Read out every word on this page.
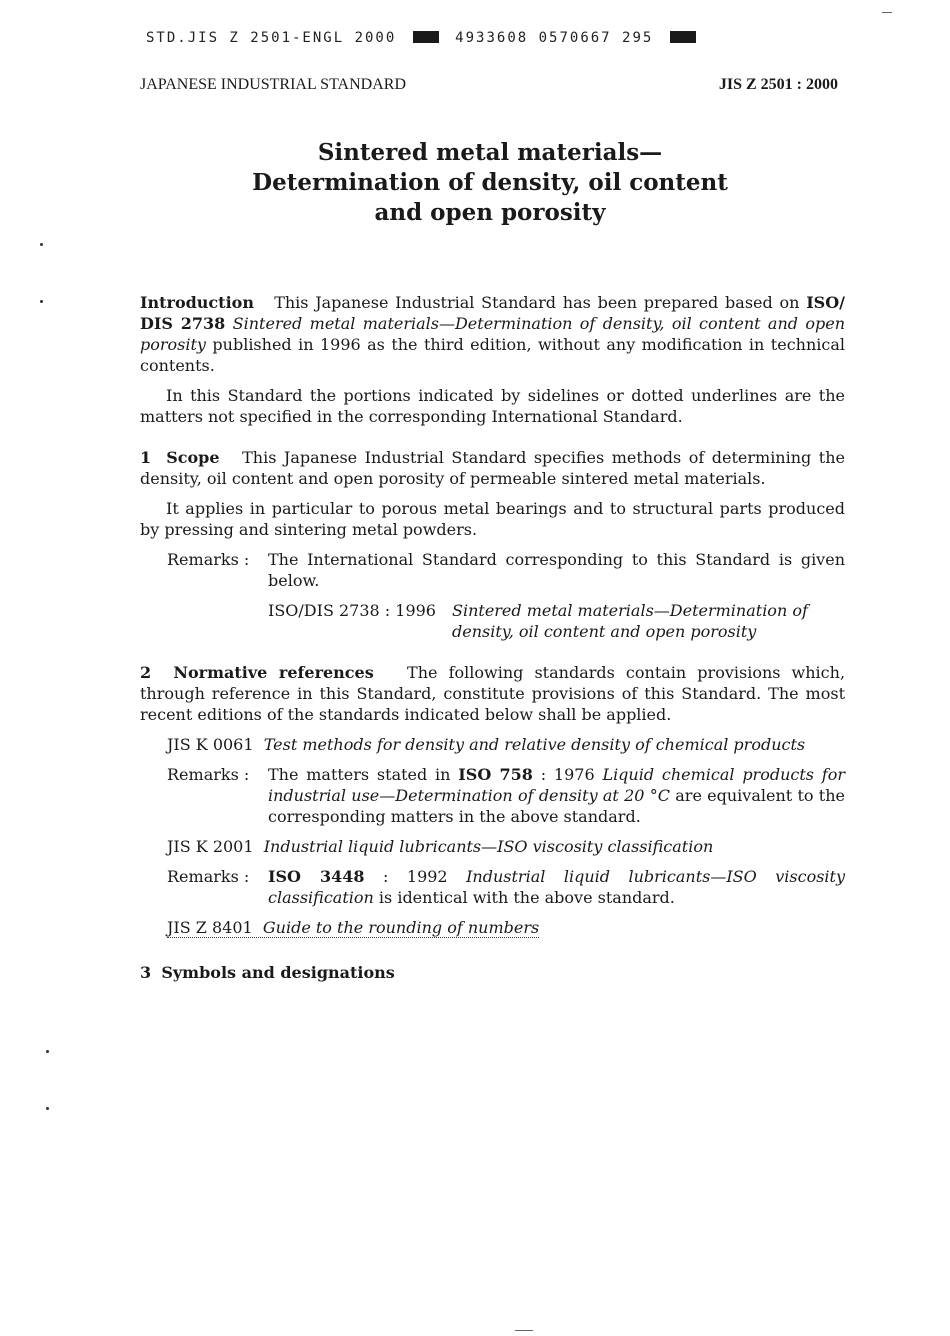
STD.JIS Z 2501-ENGL 2000	4933608 0570667 295
JAPANESE INDUSTRIAL STANDARD	JIS Z 2501 : 2000
Sintered metal materials—
Determination of density, oil content
and open porosity

Introduction This Japanese Industrial Standard has been prepared based on ISO/ DIS 2738 Sintered metal materials—Determination of density, oil content and open porosity published in 1996 as the third edition, without any modification in technical contents.

In this Standard the portions indicated by sidelines or dotted underlines are the matters not specified in the corresponding International Standard.

1 Scope This Japanese Industrial Standard specifies methods of determining the density, oil content and open porosity of permeable sintered metal materials.

It applies in particular to porous metal bearings and to structural parts produced by pressing and sintering metal powders.

Remarks :	The International Standard corresponding to this Standard is given below.
ISO/DIS 2738 : 1996	Sintered metal materials—Determination of density, oil content and open porosity

2 Normative references The following standards contain provisions which, through reference in this Standard, constitute provisions of this Standard. The most recent editions of the standards indicated below shall be applied.

JIS K 0061 Test methods for density and relative density of chemical products
Remarks :	The matters stated in ISO 758 : 1976 Liquid chemical products for industrial use—Determination of density at 20 °C are equivalent to the corresponding matters in the above standard.
JIS K 2001 Industrial liquid lubricants—ISO viscosity classification
Remarks :	ISO 3448 : 1992 Industrial liquid lubricants—ISO viscosity classification is identical with the above standard.
JIS Z 8401 Guide to the rounding of numbers

3 Symbols and designations
